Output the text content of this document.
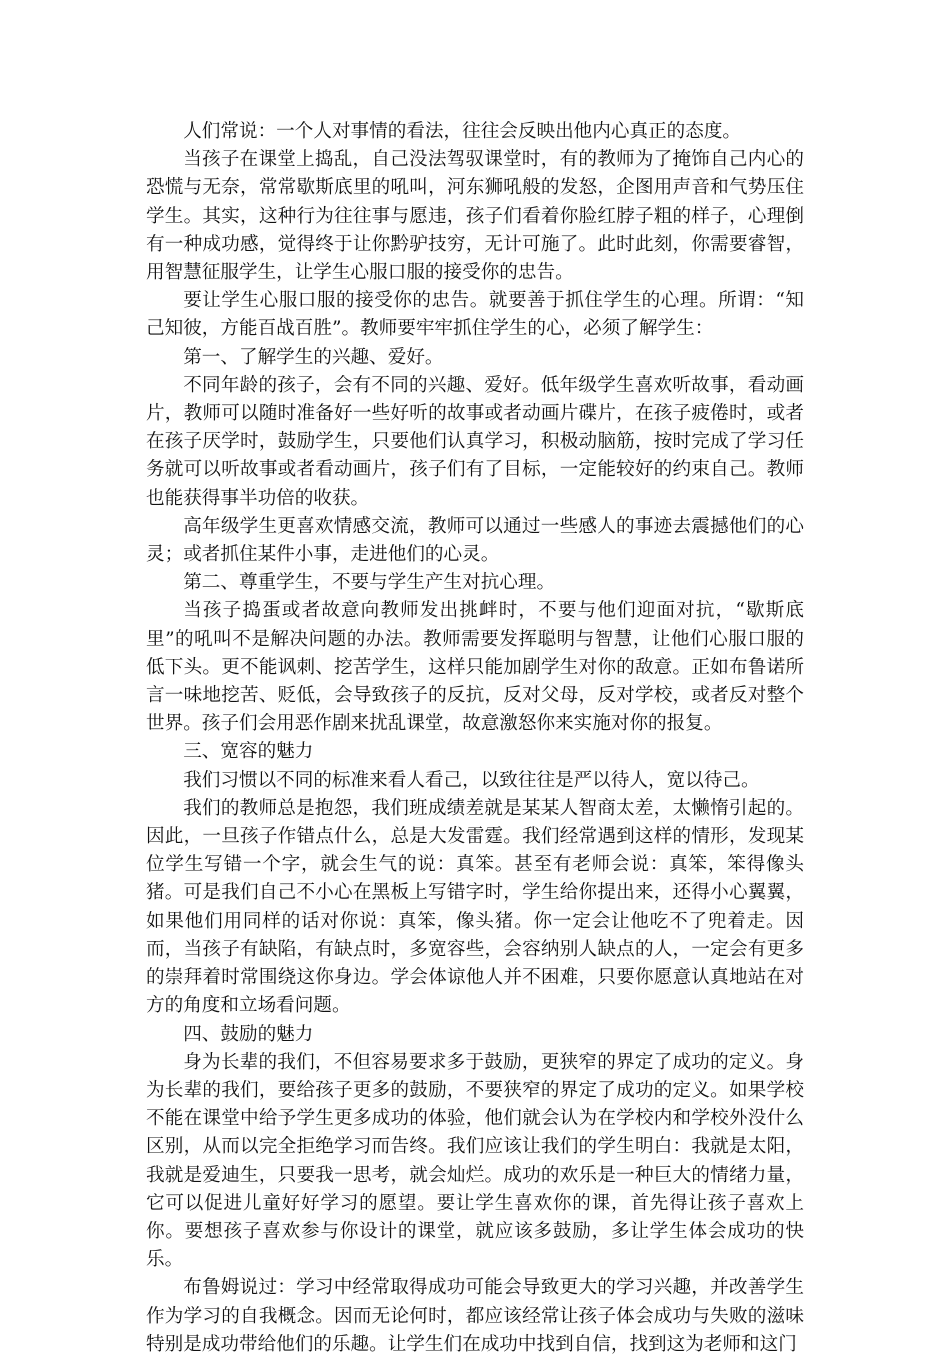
人们常说：一个人对事情的看法，往往会反映出他内心真正的态度。

当孩子在课堂上捣乱，自己没法驾驭课堂时，有的教师为了掩饰自己内心的恐慌与无奈，常常歇斯底里的吼叫，河东狮吼般的发怒，企图用声音和气势压住学生。其实，这种行为往往事与愿违，孩子们看着你脸红脖子粗的样子，心理倒有一种成功感，觉得终于让你黔驴技穷，无计可施了。此时此刻，你需要睿智，用智慧征服学生，让学生心服口服的接受你的忠告。

要让学生心服口服的接受你的忠告。就要善于抓住学生的心理。所谓：“知己知彼，方能百战百胜”。教师要牢牢抓住学生的心，必须了解学生：

第一、了解学生的兴趣、爱好。

不同年龄的孩子，会有不同的兴趣、爱好。低年级学生喜欢听故事，看动画片，教师可以随时准备好一些好听的故事或者动画片碟片，在孩子疲倦时，或者在孩子厌学时，鼓励学生，只要他们认真学习，积极动脑筋，按时完成了学习任务就可以听故事或者看动画片，孩子们有了目标，一定能较好的约束自己。教师也能获得事半功倍的收获。

高年级学生更喜欢情感交流，教师可以通过一些感人的事迹去震撼他们的心灵；或者抓住某件小事，走进他们的心灵。

第二、尊重学生，不要与学生产生对抗心理。

当孩子捣蛋或者故意向教师发出挑衅时，不要与他们迎面对抗，“歇斯底里”的吼叫不是解决问题的办法。教师需要发挥聪明与智慧，让他们心服口服的低下头。更不能讽刺、挖苦学生，这样只能加剧学生对你的敌意。正如布鲁诺所言一味地挖苦、贬低，会导致孩子的反抗，反对父母，反对学校，或者反对整个世界。孩子们会用恶作剧来扰乱课堂，故意激怒你来实施对你的报复。

三、宽容的魅力

我们习惯以不同的标准来看人看己，以致往往是严以待人，宽以待己。

我们的教师总是抱怨，我们班成绩差就是某某人智商太差，太懒惰引起的。因此，一旦孩子作错点什么，总是大发雷霆。我们经常遇到这样的情形，发现某位学生写错一个字，就会生气的说：真笨。甚至有老师会说：真笨，笨得像头猪。可是我们自己不小心在黑板上写错字时，学生给你提出来，还得小心翼翼，如果他们用同样的话对你说：真笨，像头猪。你一定会让他吃不了兜着走。因而，当孩子有缺陷，有缺点时，多宽容些，会容纳别人缺点的人，一定会有更多的崇拜着时常围绕这你身边。学会体谅他人并不困难，只要你愿意认真地站在对方的角度和立场看问题。

四、鼓励的魅力

身为长辈的我们，不但容易要求多于鼓励，更狭窄的界定了成功的定义。身为长辈的我们，要给孩子更多的鼓励，不要狭窄的界定了成功的定义。如果学校不能在课堂中给予学生更多成功的体验，他们就会认为在学校内和学校外没什么区别，从而以完全拒绝学习而告终。我们应该让我们的学生明白：我就是太阳，我就是爱迪生，只要我一思考，就会灿烂。成功的欢乐是一种巨大的情绪力量，它可以促进儿童好好学习的愿望。要让学生喜欢你的课，首先得让孩子喜欢上你。要想孩子喜欢参与你设计的课堂，就应该多鼓励，多让学生体会成功的快乐。

布鲁姆说过：学习中经常取得成功可能会导致更大的学习兴趣，并改善学生作为学习的自我概念。因而无论何时，都应该经常让孩子体会成功与失败的滋味特别是成功带给他们的乐趣。让学生们在成功中找到自信，找到这为老师和这门
